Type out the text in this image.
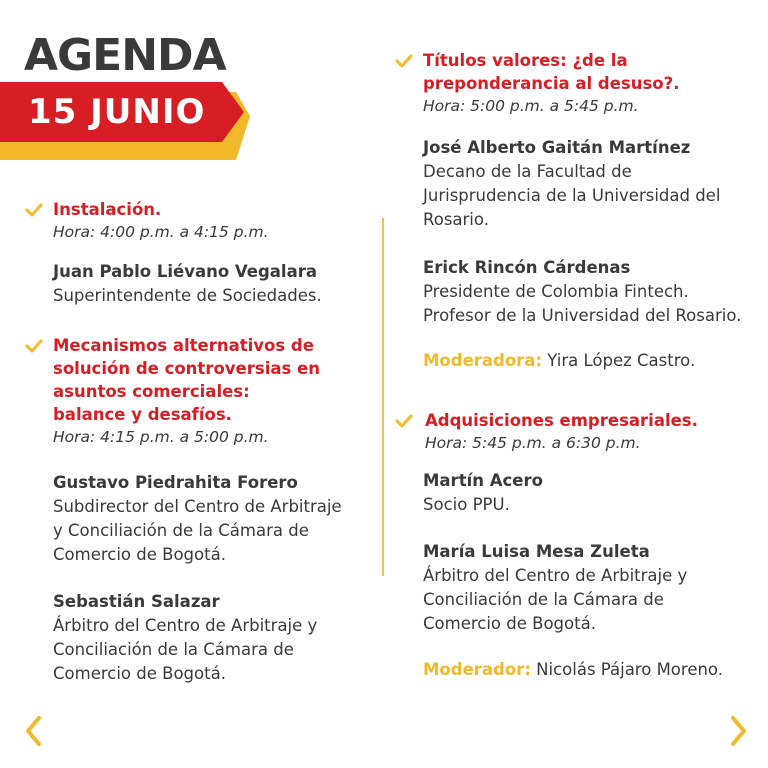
AGENDA
15 JUNIO
Instalación.
Hora: 4:00 p.m. a 4:15 p.m.
Juan Pablo Liévano Vegalara
Superintendente de Sociedades.
Mecanismos alternativos de
solución de controversias en
asuntos comerciales:
balance y desafíos.
Hora: 4:15 p.m. a 5:00 p.m.
Gustavo Piedrahita Forero
Subdirector del Centro de Arbitraje
y Conciliación de la Cámara de
Comercio de Bogotá.
Sebastián Salazar
Árbitro del Centro de Arbitraje y
Conciliación de la Cámara de
Comercio de Bogotá.
Títulos valores: ¿de la
preponderancia al desuso?.
Hora: 5:00 p.m. a 5:45 p.m.
José Alberto Gaitán Martínez
Decano de la Facultad de
Jurisprudencia de la Universidad del
Rosario.
Erick Rincón Cárdenas
Presidente de Colombia Fintech.
Profesor de la Universidad del Rosario.
Moderadora: Yira López Castro.
Adquisiciones empresariales.
Hora: 5:45 p.m. a 6:30 p.m.
Martín Acero
Socio PPU.
María Luisa Mesa Zuleta
Árbitro del Centro de Arbitraje y
Conciliación de la Cámara de
Comercio de Bogotá.
Moderador: Nicolás Pájaro Moreno.
